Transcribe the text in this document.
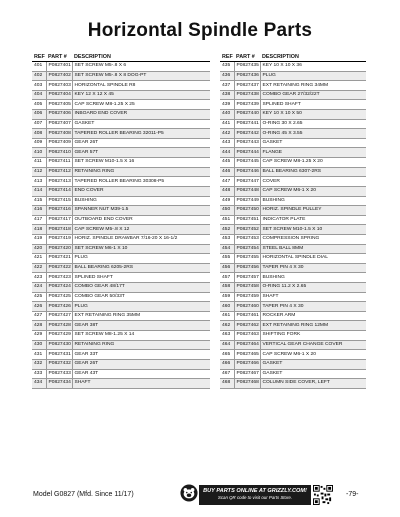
Horizontal Spindle Parts
REF	PART #	DESCRIPTION
401	P0827401	SET SCREW M5-.8 X 6
402	P0827402	SET SCREW M5-.8 X 8 DOG-PT
403	P0827403	HORIZONTAL SPINDLE R8
404	P0827404	KEY 12 X 12 X 45
405	P0827405	CAP SCREW M8-1.25 X 25
406	P0827406	INBOARD END COVER
407	P0827407	GASKET
408	P0827408	TAPERED ROLLER BEARING 32011-P5
409	P0827409	GEAR 26T
410	P0827410	GEAR 57T
411	P0827411	SET SCREW M10-1.5 X 16
412	P0827412	RETAINING RING
413	P0827413	TAPERED ROLLER BEARING 30308-P5
414	P0827414	END COVER
415	P0827415	BUSHING
416	P0827416	SPANNER NUT M39-1.5
417	P0827417	OUTBOARD END COVER
418	P0827418	CAP SCREW M5-.8 X 12
419	P0827419	HORIZ. SPINDLE DRAWBAR 7/16-20 X 16-1/2
420	P0827420	SET SCREW M6-1 X 10
421	P0827421	PLUG
422	P0827422	BALL BEARING 6205-2RS
423	P0827423	SPLINED SHAFT
424	P0827424	COMBO GEAR 48/17T
425	P0827425	COMBO GEAR 50/33T
426	P0827426	PLUG
427	P0827427	EXT RETAINING RING 35MM
428	P0827428	GEAR 38T
429	P0827429	SET SCREW M8-1.25 X 14
430	P0827430	RETAINING RING
431	P0827431	GEAR 33T
432	P0827432	GEAR 26T
433	P0827433	GEAR 43T
434	P0827434	SHAFT
REF	PART #	DESCRIPTION
435	P0827435	KEY 10 X 10 X 36
436	P0827436	PLUG
437	P0827437	EXT RETAINING RING 34MM
438	P0827438	COMBO GEAR 27/32/22T
439	P0827439	SPLINED SHAFT
440	P0827440	KEY 10 X 10 X 50
441	P0827441	O-RING 30 X 2.65
442	P0827442	O-RING 45 X 3.55
443	P0827443	GASKET
444	P0827444	FLANGE
445	P0827445	CAP SCREW M8-1.25 X 20
446	P0827446	BALL BEARING 6307-2RS
447	P0827447	COVER
448	P0827448	CAP SCREW M6-1 X 20
449	P0827449	BUSHING
450	P0827450	HORIZ. SPINDLE PULLEY
451	P0827451	INDICATOR PLATE
452	P0827452	SET SCREW M10-1.5 X 10
453	P0827453	COMPRESSION SPRING
454	P0827454	STEEL BALL 8MM
455	P0827455	HORIZONTAL SPINDLE DIAL
456	P0827456	TAPER PIN 4 X 30
457	P0827457	BUSHING
458	P0827458	O-RING 11.2 X 2.65
459	P0827459	SHAFT
460	P0827460	TAPER PIN 4 X 30
461	P0827461	ROCKER ARM
462	P0827462	EXT RETAINING RING 12MM
463	P0827463	SHIFTING FORK
464	P0827464	VERTICAL GEAR CHANGE COVER
465	P0827465	CAP SCREW M6-1 X 20
466	P0827466	GASKET
467	P0827467	GASKET
468	P0827468	COLUMN SIDE COVER, LEFT
Model G0827 (Mfd. Since 11/17)	BUY PARTS ONLINE AT GRIZZLY.COM!
Scan QR code to visit our Parts Store.	-79-
